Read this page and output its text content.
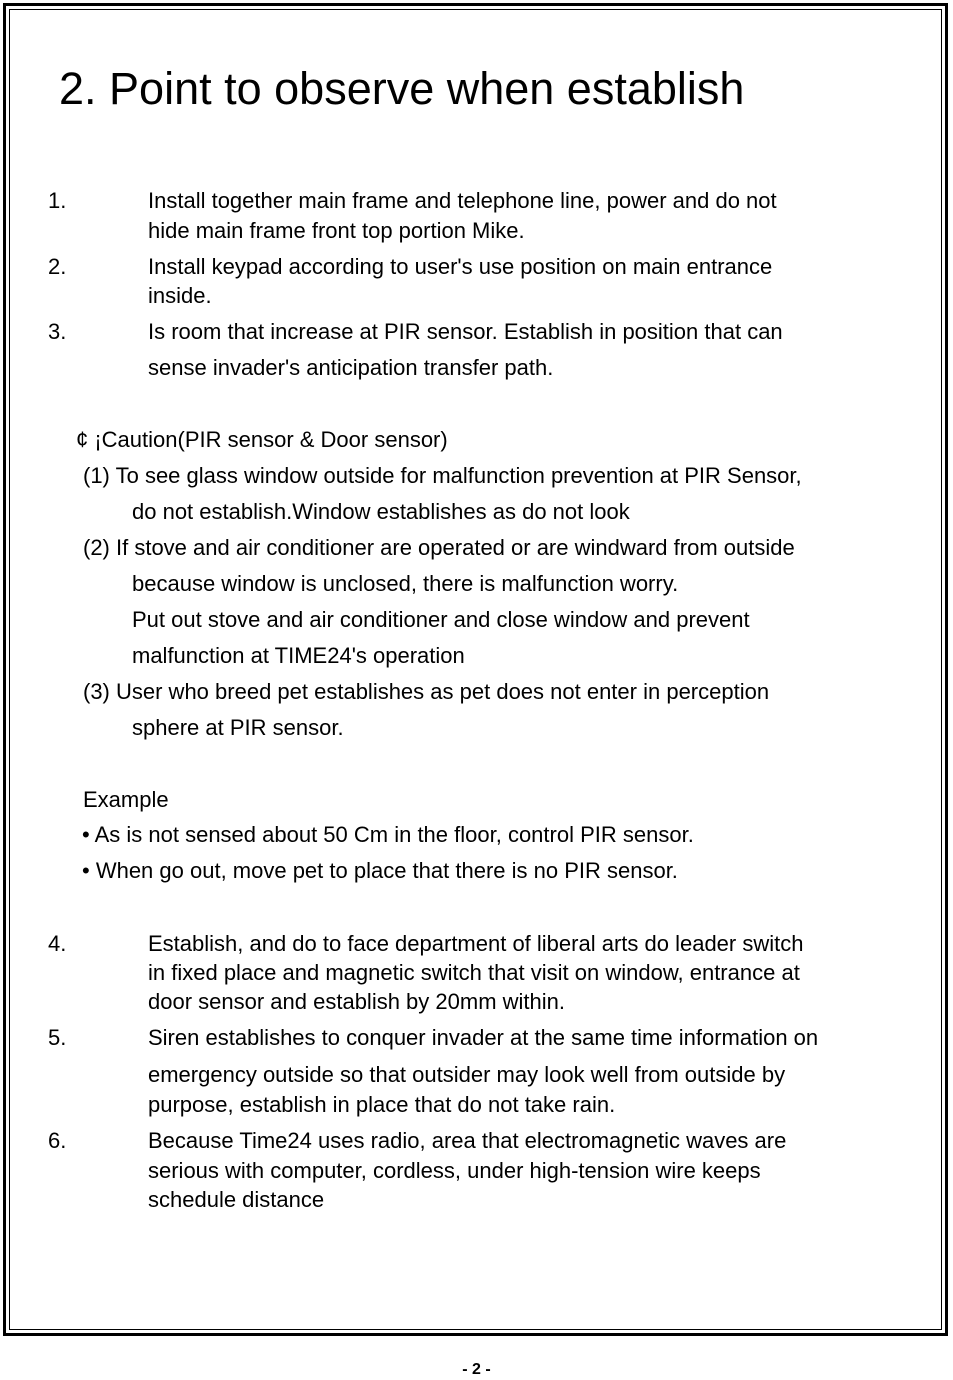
2. Point to observe when establish
1.	Install together main frame and telephone line, power and do not
hide main frame front top portion Mike.
2.	Install keypad according to user's use position on main entrance
inside.
3.	Is room that increase at PIR sensor. Establish in position that can
sense invader's anticipation transfer path.
¢ ¡Caution(PIR sensor & Door sensor)
(1) To see glass window outside for malfunction prevention at PIR Sensor,
do not establish.Window establishes as do not look
(2) If stove and air conditioner are operated or are windward from outside
because window is unclosed, there is malfunction worry.
Put out stove and air conditioner and close window and prevent
malfunction at TIME24's operation
(3) User who breed pet establishes as pet does not enter in perception
sphere at PIR sensor.
Example
• As is not sensed about 50 Cm in the floor, control PIR sensor.
• When go out, move pet to place that there is no PIR sensor.
4.	Establish, and do to face department of liberal arts do leader switch
in fixed place and magnetic switch that visit on window, entrance at
door sensor and establish by 20mm within.
5.	Siren establishes to conquer invader at the same time information on
emergency outside so that outsider may look well from outside by
purpose, establish in place that do not take rain.
6.	Because Time24 uses radio, area that electromagnetic waves are
serious with computer, cordless, under high-tension wire keeps
schedule distance
- 2 -
